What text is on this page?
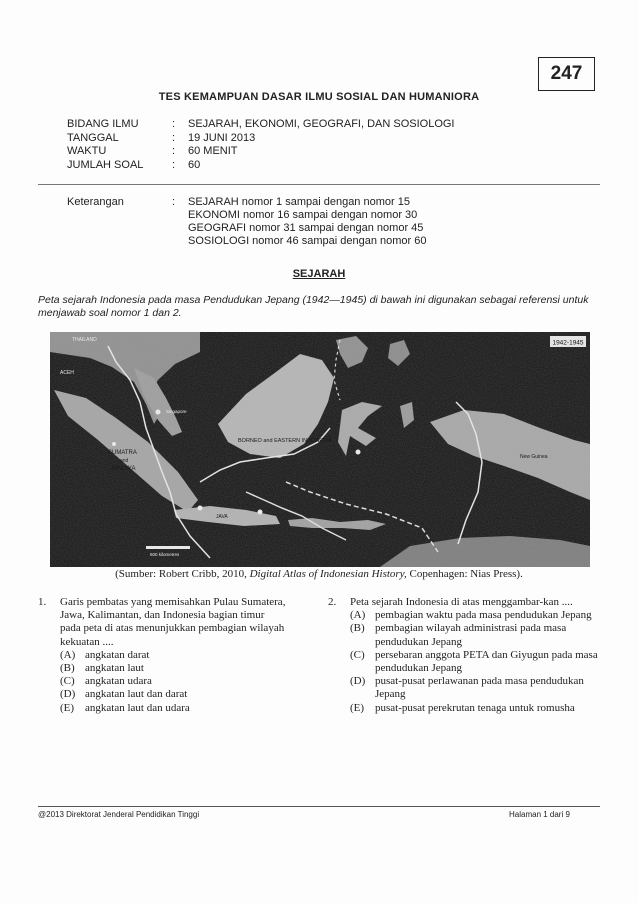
247
TES KEMAMPUAN DASAR ILMU SOSIAL DAN HUMANIORA
BIDANG ILMU	:	SEJARAH, EKONOMI, GEOGRAFI, DAN SOSIOLOGI
TANGGAL	:	19 JUNI 2013
WAKTU	:	60 MENIT
JUMLAH SOAL	:	60
Keterangan	:	SEJARAH nomor 1 sampai dengan nomor 15
EKONOMI nomor 16 sampai dengan nomor 30
GEOGRAFI nomor 31 sampai dengan nomor 45
SOSIOLOGI nomor 46 sampai dengan nomor 60
SEJARAH
Peta sejarah Indonesia pada masa Pendudukan Jepang (1942—1945) di bawah ini digunakan sebagai referensi untuk menjawab soal nomor 1 dan 2.
1942-1945
THAILAND
ACEH
Singapore
SUMATRA
and
MALAYA
BORNEO and EASTERN INDONESIA
JAVA
New Guinea
600 kilometres
(Sumber: Robert Cribb, 2010, Digital Atlas of Indonesian History, Copenhagen: Nias Press).
1. Garis pembatas yang memisahkan Pulau Sumatera, Jawa, Kalimantan, dan Indonesia bagian timur pada peta di atas menunjukkan pembagian wilayah kekuatan ....
(A) angkatan darat
(B) angkatan laut
(C) angkatan udara
(D) angkatan laut dan darat
(E) angkatan laut dan udara
2. Peta sejarah Indonesia di atas menggambar-kan ....
(A) pembagian waktu pada masa pendudukan Jepang
(B) pembagian wilayah administrasi pada masa pendudukan Jepang
(C) persebaran anggota PETA dan Giyugun pada masa pendudukan Jepang
(D) pusat-pusat perlawanan pada masa pendudukan Jepang
(E) pusat-pusat perekrutan tenaga untuk romusha
@2013 Direktorat Jenderal Pendidikan Tinggi	Halaman 1 dari 9
